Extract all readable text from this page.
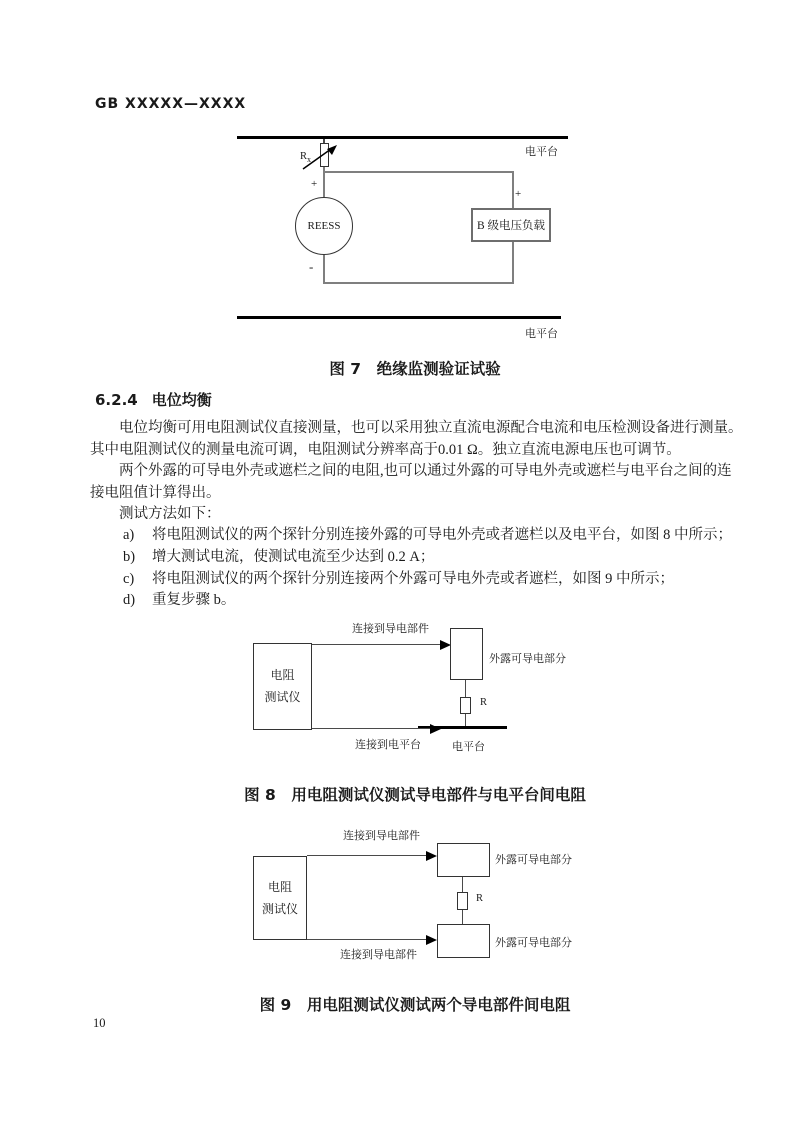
GB XXXXX—XXXX
电平台
$R_x$
+
+
REESS	B 级电压负载
-
电平台
图 7　绝缘监测验证试验
6.2.4 电位均衡
电位均衡可用电阻测试仪直接测量，也可以采用独立直流电源配合电流和电压检测设备进行测量。
其中电阻测试仪的测量电流可调，电阻测试分辨率高于0.01 Ω。独立直流电源电压也可调节。
两个外露的可导电外壳或遮栏之间的电阻,也可以通过外露的可导电外壳或遮栏与电平台之间的连
接电阻值计算得出。
测试方法如下：
a) 将电阻测试仪的两个探针分别连接外露的可导电外壳或者遮栏以及电平台，如图 8 中所示；
b) 增大测试电流，使测试电流至少达到 0.2 A；
c) 将电阻测试仪的两个探针分别连接两个外露可导电外壳或者遮栏，如图 9 中所示；
d) 重复步骤 b。
电阻
测试仪
连接到导电部件
外露可导电部分
R
连接到电平台	电平台
图 8　用电阻测试仪测试导电部件与电平台间电阻
电阻
测试仪
连接到导电部件
外露可导电部分
R
外露可导电部分
连接到导电部件
图 9　用电阻测试仪测试两个导电部件间电阻
10
